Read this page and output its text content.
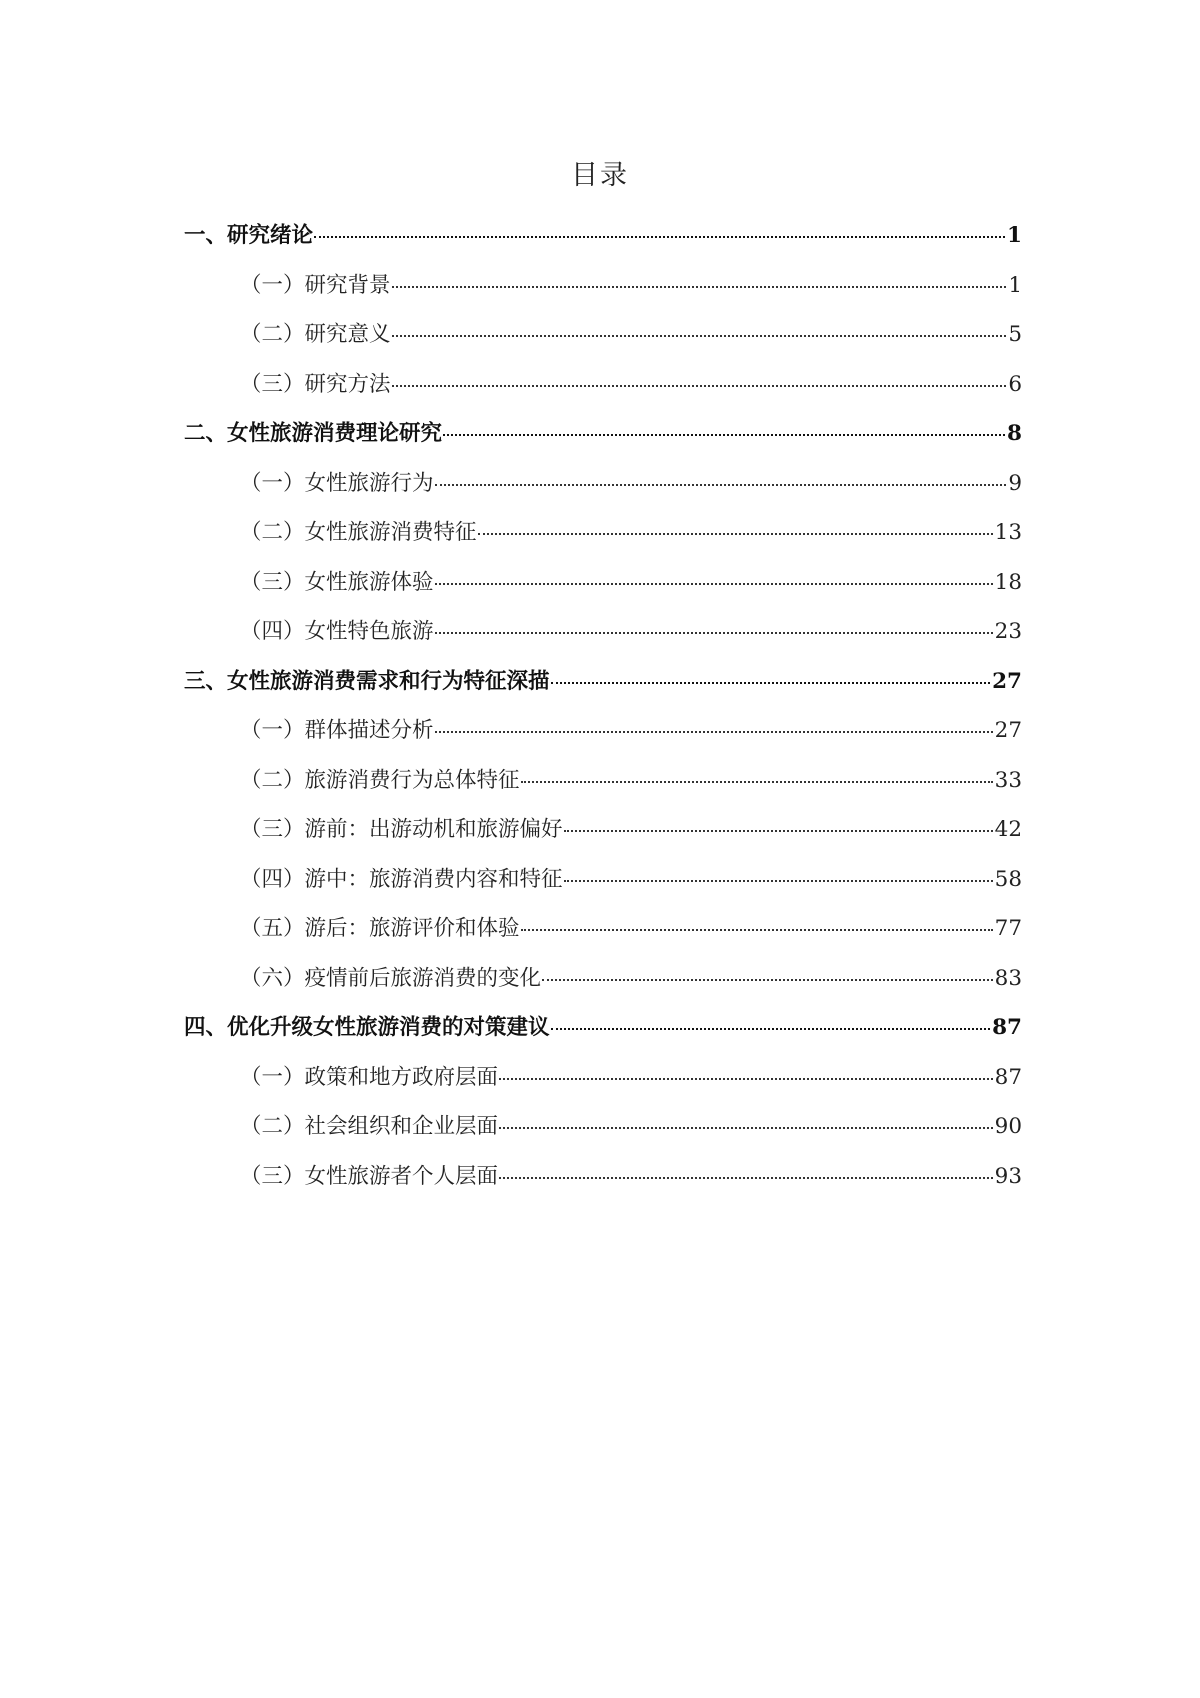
目录
一、研究绪论	1
（一）研究背景	1
（二）研究意义	5
（三）研究方法	6
二、女性旅游消费理论研究	8
（一）女性旅游行为	9
（二）女性旅游消费特征	13
（三）女性旅游体验	18
（四）女性特色旅游	23
三、女性旅游消费需求和行为特征深描	27
（一）群体描述分析	27
（二）旅游消费行为总体特征	33
（三）游前：出游动机和旅游偏好	42
（四）游中：旅游消费内容和特征	58
（五）游后：旅游评价和体验	77
（六）疫情前后旅游消费的变化	83
四、优化升级女性旅游消费的对策建议	87
（一）政策和地方政府层面	87
（二）社会组织和企业层面	90
（三）女性旅游者个人层面	93
